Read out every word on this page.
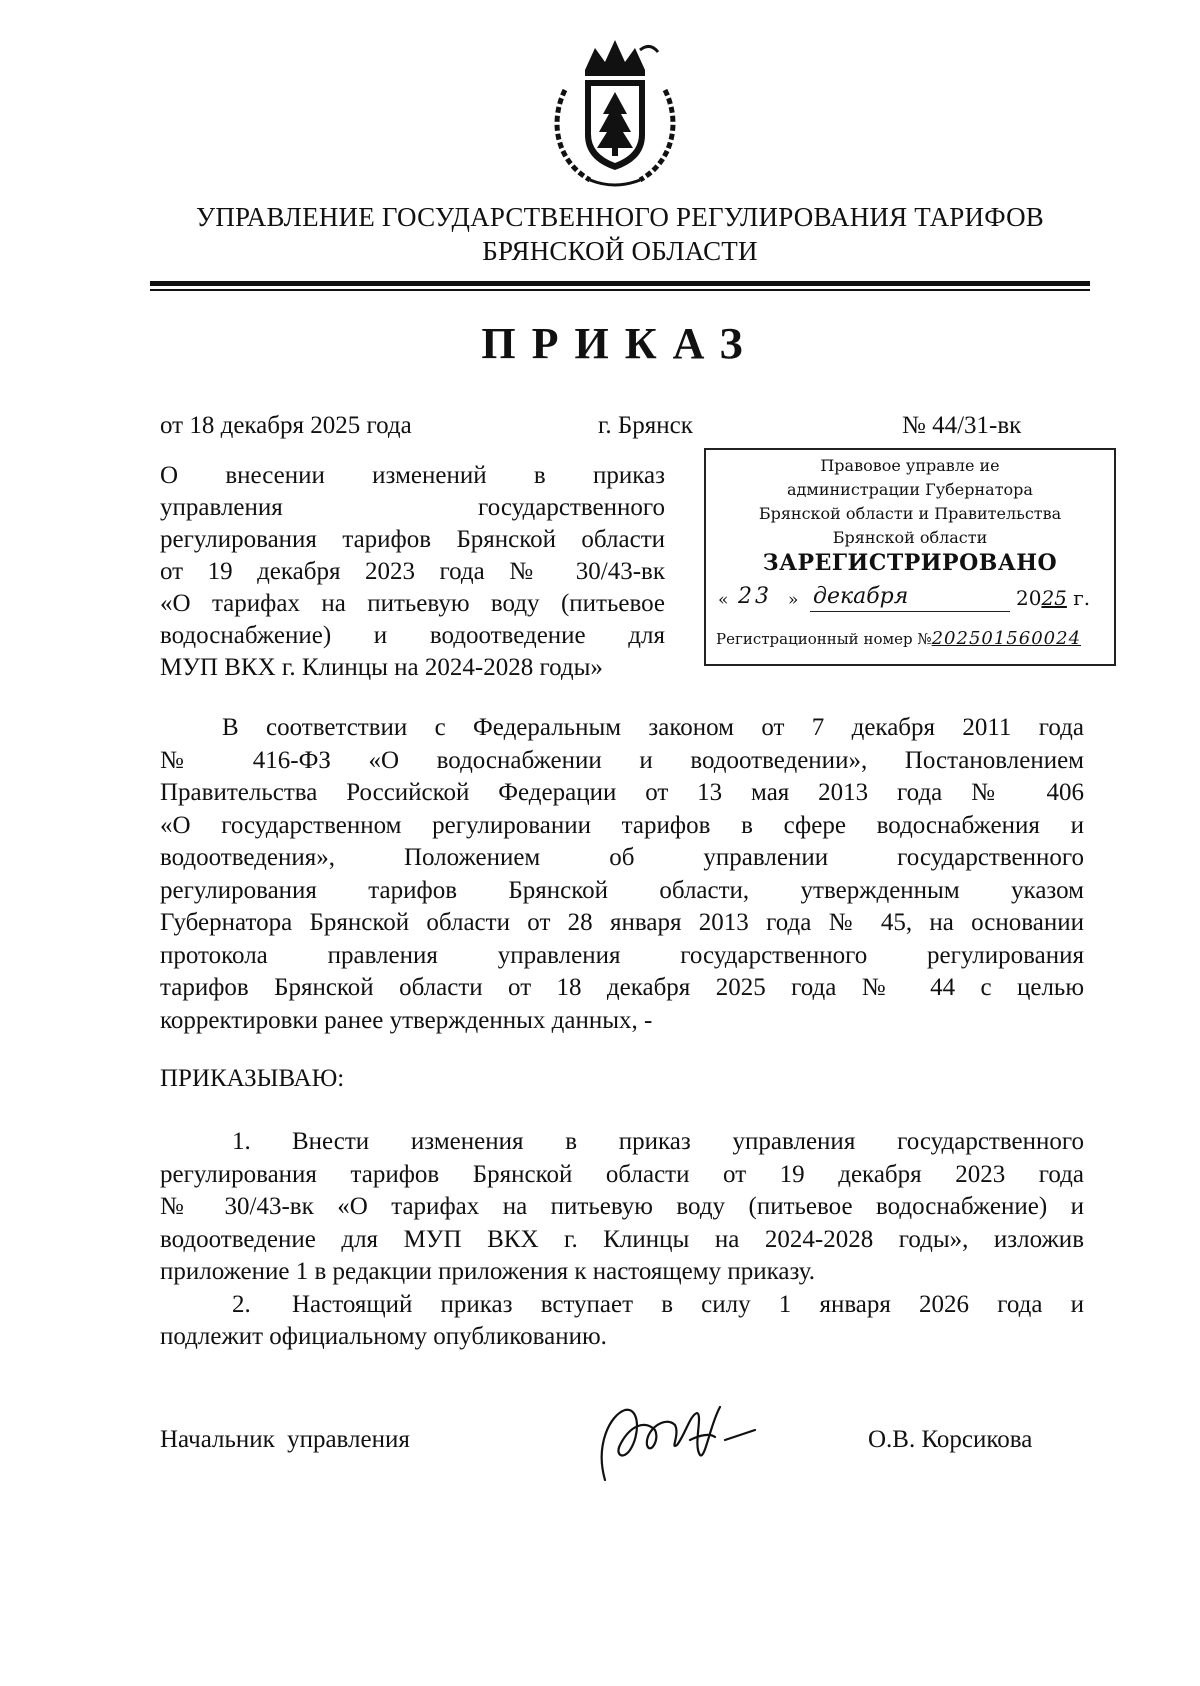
УПРАВЛЕНИЕ ГОСУДАРСТВЕННОГО РЕГУЛИРОВАНИЯ ТАРИФОВ
БРЯНСКОЙ ОБЛАСТИ
ПРИКАЗ
от 18 декабря 2025 года	г. Брянск	№ 44/31-вк
О внесении изменений в приказ
управления государственного
регулирования тарифов Брянской области
от 19 декабря 2023 года № 30/43-вк
«О тарифах на питьевую воду (питьевое
водоснабжение) и водоотведение для
МУП ВКХ г. Клинцы на 2024-2028 годы»
Правовое управле ие
администрации Губернатора
Брянской области и Правительства
Брянской области
ЗАРЕГИСТРИРОВАНО
« 23 » декабря	2025 г.
Регистрационный номер №202501560024
В соответствии с Федеральным законом от 7 декабря 2011 года
№ 416-ФЗ «О водоснабжении и водоотведении», Постановлением
Правительства Российской Федерации от 13 мая 2013 года № 406
«О государственном регулировании тарифов в сфере водоснабжения и
водоотведения», Положением об управлении государственного
регулирования тарифов Брянской области, утвержденным указом
Губернатора Брянской области от 28 января 2013 года № 45, на основании
протокола правления управления государственного регулирования
тарифов Брянской области от 18 декабря 2025 года № 44 с целью
корректировки ранее утвержденных данных, -
ПРИКАЗЫВАЮ:
1. Внести изменения в приказ управления государственного
регулирования тарифов Брянской области от 19 декабря 2023 года
№ 30/43-вк «О тарифах на питьевую воду (питьевое водоснабжение) и
водоотведение для МУП ВКХ г. Клинцы на 2024-2028 годы», изложив
приложение 1 в редакции приложения к настоящему приказу.
2. Настоящий приказ вступает в силу 1 января 2026 года и
подлежит официальному опубликованию.
Начальник управления	О.В. Корсикова
